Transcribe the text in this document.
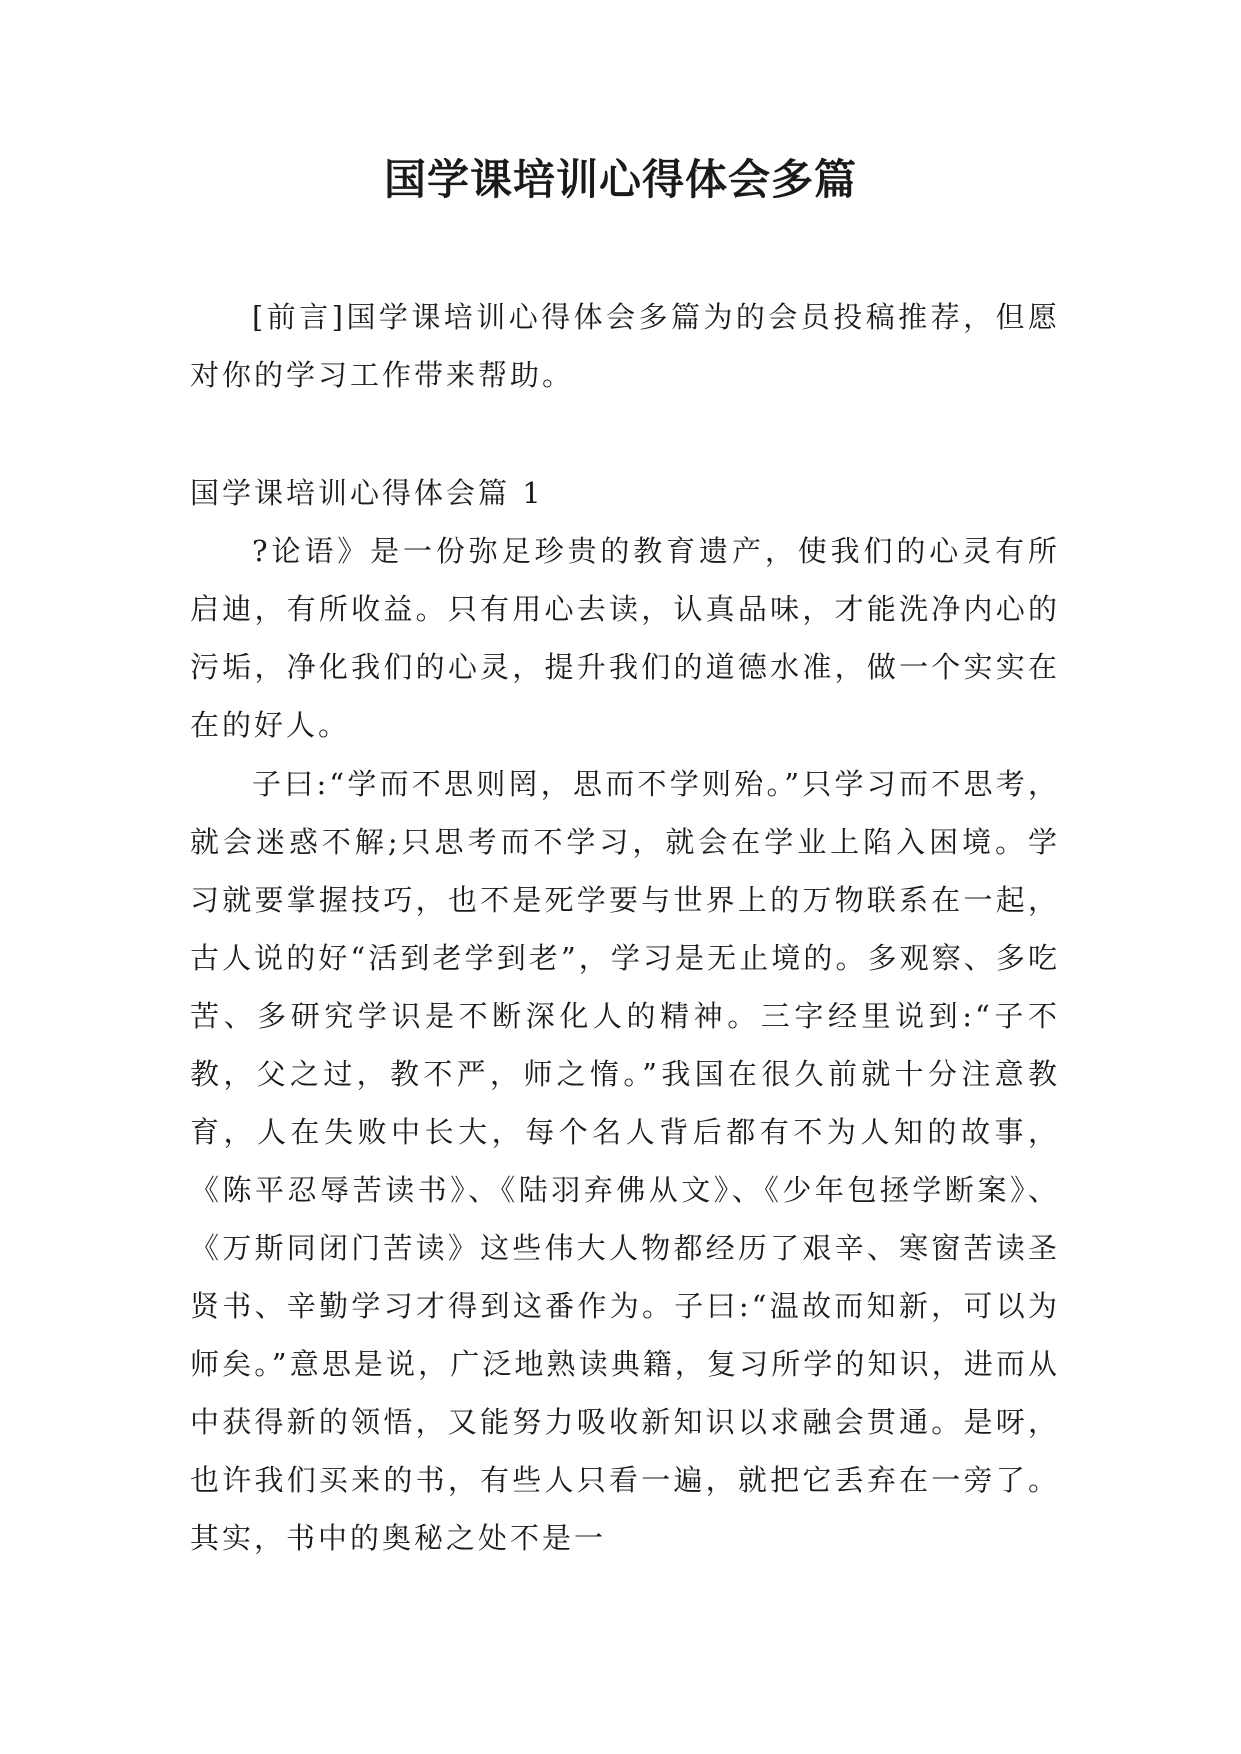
国学课培训心得体会多篇

[前言]国学课培训心得体会多篇为的会员投稿推荐，但愿对你的学习工作带来帮助。

国学课培训心得体会篇 1

?论语》是一份弥足珍贵的教育遗产，使我们的心灵有所启迪，有所收益。只有用心去读，认真品味，才能洗净内心的污垢，净化我们的心灵，提升我们的道德水准，做一个实实在在的好人。

子曰:“学而不思则罔，思而不学则殆。”只学习而不思考，就会迷惑不解;只思考而不学习，就会在学业上陷入困境。学习就要掌握技巧，也不是死学要与世界上的万物联系在一起，古人说的好“活到老学到老”，学习是无止境的。多观察、多吃苦、多研究学识是不断深化人的精神。三字经里说到:“子不教，父之过，教不严，师之惰。”我国在很久前就十分注意教育，人在失败中长大，每个名人背后都有不为人知的故事，《陈平忍辱苦读书》、《陆羽弃佛从文》、《少年包拯学断案》、《万斯同闭门苦读》这些伟大人物都经历了艰辛、寒窗苦读圣贤书、辛勤学习才得到这番作为。子曰:“温故而知新，可以为师矣。”意思是说，广泛地熟读典籍，复习所学的知识，进而从中获得新的领悟，又能努力吸收新知识以求融会贯通。是呀，也许我们买来的书，有些人只看一遍，就把它丢弃在一旁了。其实，书中的奥秘之处不是一
